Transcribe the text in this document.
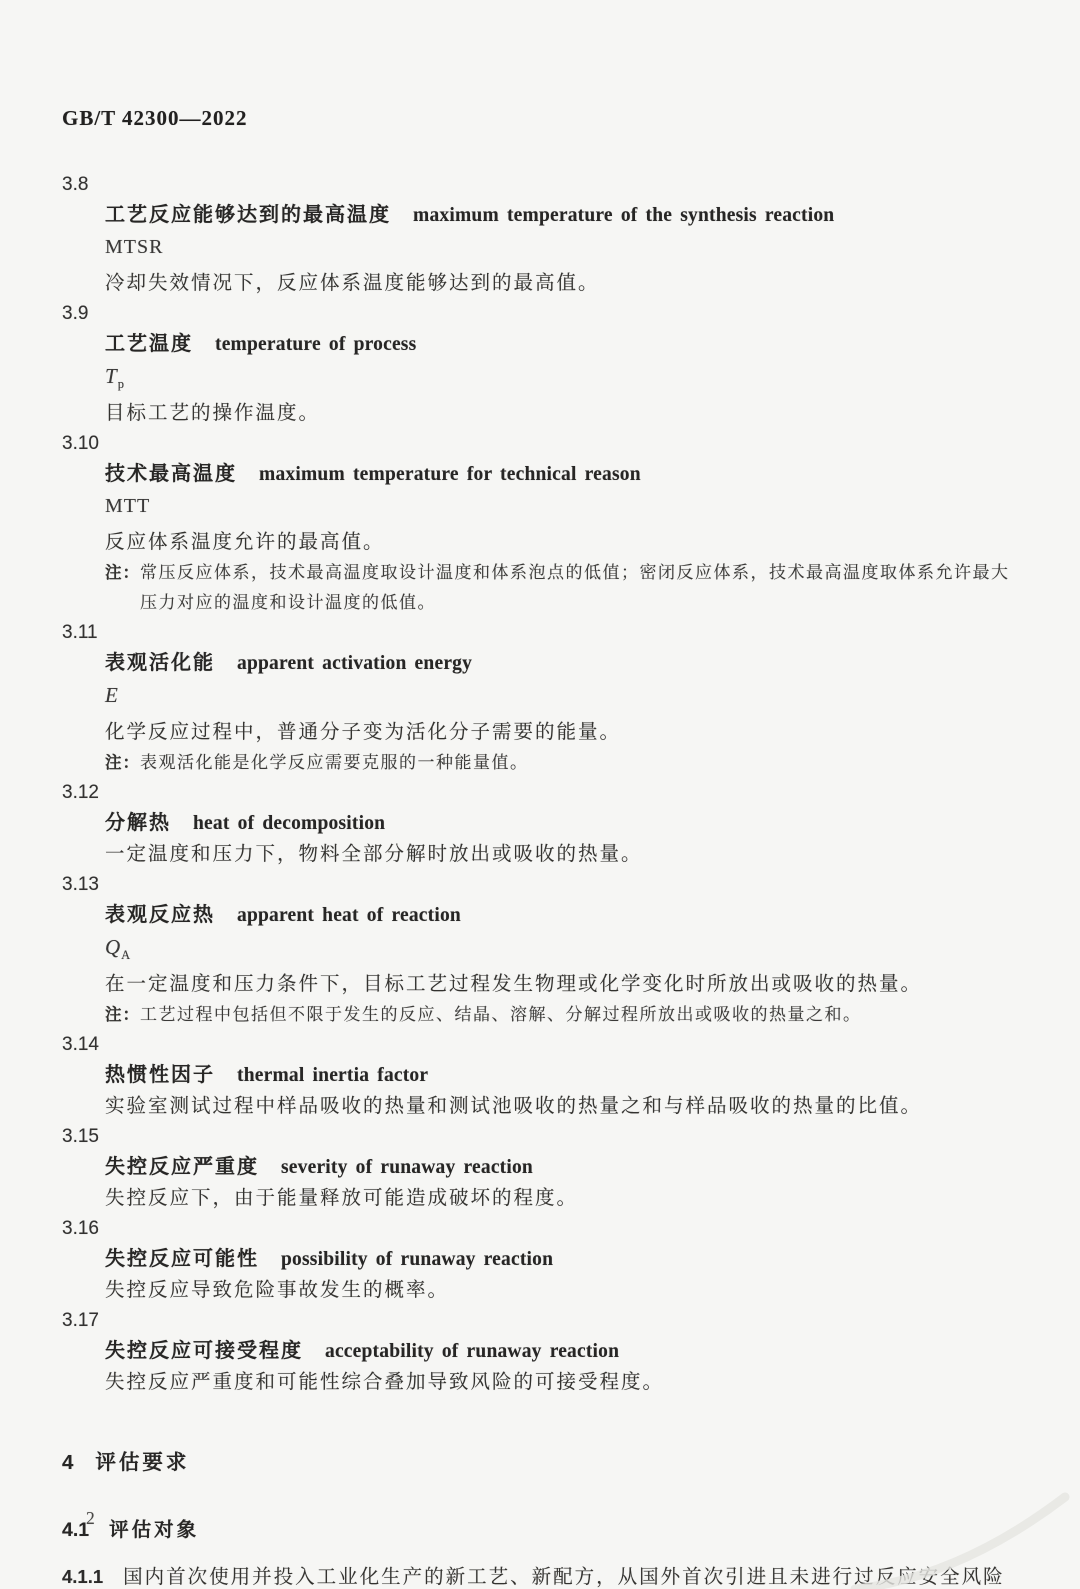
GB/T 42300—2022
3.8
工艺反应能够达到的最高温度 maximum temperature of the synthesis reaction
MTSR
冷却失效情况下，反应体系温度能够达到的最高值。
3.9
工艺温度 temperature of process
$T_p$
目标工艺的操作温度。
3.10
技术最高温度 maximum temperature for technical reason
MTT
反应体系温度允许的最高值。
注： 常压反应体系，技术最高温度取设计温度和体系泡点的低值；密闭反应体系，技术最高温度取体系允许最大压力对应的温度和设计温度的低值。
3.11
表观活化能 apparent activation energy
E
化学反应过程中，普通分子变为活化分子需要的能量。
注： 表观活化能是化学反应需要克服的一种能量值。
3.12
分解热 heat of decomposition
一定温度和压力下，物料全部分解时放出或吸收的热量。
3.13
表观反应热 apparent heat of reaction
$Q_A$
在一定温度和压力条件下，目标工艺过程发生物理或化学变化时所放出或吸收的热量。
注： 工艺过程中包括但不限于发生的反应、结晶、溶解、分解过程所放出或吸收的热量之和。
3.14
热惯性因子 thermal inertia factor
实验室测试过程中样品吸收的热量和测试池吸收的热量之和与样品吸收的热量的比值。
3.15
失控反应严重度 severity of runaway reaction
失控反应下，由于能量释放可能造成破坏的程度。
3.16
失控反应可能性 possibility of runaway reaction
失控反应导致危险事故发生的概率。
3.17
失控反应可接受程度 acceptability of runaway reaction
失控反应严重度和可能性综合叠加导致风险的可接受程度。
4 评估要求
4.1 评估对象
4.1.1 国内首次使用并投入工业化生产的新工艺、新配方，从国外首次引进且未进行过反应安全风险
2
